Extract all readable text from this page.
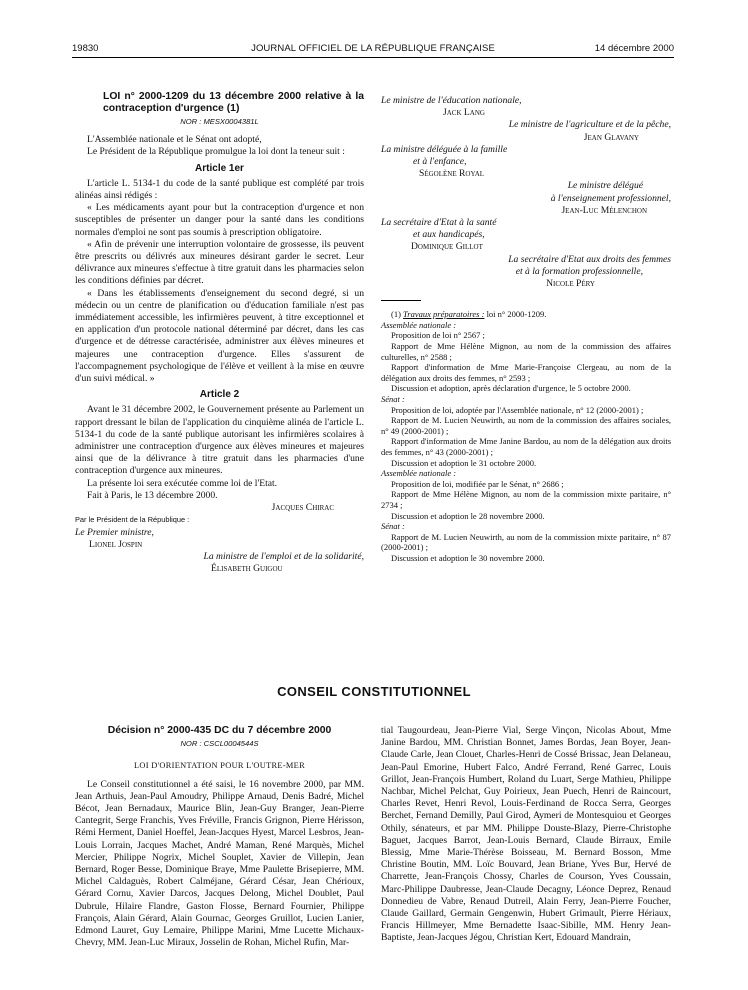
19830	JOURNAL OFFICIEL DE LA RÉPUBLIQUE FRANÇAISE	14 décembre 2000
LOI n° 2000-1209 du 13 décembre 2000 relative à la contraception d'urgence (1)
NOR : MESX0004381L

L'Assemblée nationale et le Sénat ont adopté,

Le Président de la République promulgue la loi dont la teneur suit :

Article 1er

L'article L. 5134-1 du code de la santé publique est complété par trois alinéas ainsi rédigés :

« Les médicaments ayant pour but la contraception d'urgence et non susceptibles de présenter un danger pour la santé dans les conditions normales d'emploi ne sont pas soumis à prescription obligatoire.

« Afin de prévenir une interruption volontaire de grossesse, ils peuvent être prescrits ou délivrés aux mineures désirant garder le secret. Leur délivrance aux mineures s'effectue à titre gratuit dans les pharmacies selon les conditions définies par décret.

« Dans les établissements d'enseignement du second degré, si un médecin ou un centre de planification ou d'éducation familiale n'est pas immédiatement accessible, les infirmières peuvent, à titre exceptionnel et en application d'un protocole national déterminé par décret, dans les cas d'urgence et de détresse caractérisée, administrer aux élèves mineures et majeures une contraception d'urgence. Elles s'assurent de l'accompagnement psychologique de l'élève et veillent à la mise en œuvre d'un suivi médical. »

Article 2

Avant le 31 décembre 2002, le Gouvernement présente au Parlement un rapport dressant le bilan de l'application du cinquième alinéa de l'article L. 5134-1 du code de la santé publique autorisant les infirmières scolaires à administrer une contraception d'urgence aux élèves mineures et majeures ainsi que de la délivrance à titre gratuit dans les pharmacies d'une contraception d'urgence aux mineures.

La présente loi sera exécutée comme loi de l'Etat.

Fait à Paris, le 13 décembre 2000.

Jacques Chirac
Par le Président de la République :
Le Premier ministre,
Lionel Jospin
La ministre de l'emploi et de la solidarité,
Élisabeth Guigou
Le ministre de l'éducation nationale,
Jack Lang
Le ministre de l'agriculture et de la pêche,
Jean Glavany
La ministre déléguée à la famille
et à l'enfance,
Ségolène Royal
Le ministre délégué
à l'enseignement professionnel,
Jean-Luc Mélenchon
La secrétaire d'Etat à la santé
et aux handicapés,
Dominique Gillot
La secrétaire d'Etat aux droits des femmes
et à la formation professionnelle,
Nicole Péry

(1) Travaux préparatoires : loi n° 2000-1209.

Assemblée nationale :

Proposition de loi n° 2567 ;

Rapport de Mme Hélène Mignon, au nom de la commission des affaires culturelles, n° 2588 ;

Rapport d'information de Mme Marie-Françoise Clergeau, au nom de la délégation aux droits des femmes, n° 2593 ;

Discussion et adoption, après déclaration d'urgence, le 5 octobre 2000.

Sénat :

Proposition de loi, adoptée par l'Assemblée nationale, n° 12 (2000-2001) ;

Rapport de M. Lucien Neuwirth, au nom de la commission des affaires sociales, n° 49 (2000-2001) ;

Rapport d'information de Mme Janine Bardou, au nom de la délégation aux droits des femmes, n° 43 (2000-2001) ;

Discussion et adoption le 31 octobre 2000.

Assemblée nationale :

Proposition de loi, modifiée par le Sénat, n° 2686 ;

Rapport de Mme Hélène Mignon, au nom de la commission mixte paritaire, n° 2734 ;

Discussion et adoption le 28 novembre 2000.

Sénat :

Rapport de M. Lucien Neuwirth, au nom de la commission mixte paritaire, n° 87 (2000-2001) ;

Discussion et adoption le 30 novembre 2000.

CONSEIL CONSTITUTIONNEL
Décision n° 2000-435 DC du 7 décembre 2000
NOR : CSCL0004544S
LOI D'ORIENTATION POUR L'OUTRE-MER

Le Conseil constitutionnel a été saisi, le 16 novembre 2000, par MM. Jean Arthuis, Jean-Paul Amoudry, Philippe Arnaud, Denis Badré, Michel Bécot, Jean Bernadaux, Maurice Blin, Jean-Guy Branger, Jean-Pierre Cantegrit, Serge Franchis, Yves Fréville, Francis Grignon, Pierre Hérisson, Rémi Herment, Daniel Hoeffel, Jean-Jacques Hyest, Marcel Lesbros, Jean-Louis Lorrain, Jacques Machet, André Maman, René Marquès, Michel Mercier, Philippe Nogrix, Michel Souplet, Xavier de Villepin, Jean Bernard, Roger Besse, Dominique Braye, Mme Paulette Brisepierre, MM. Michel Caldaguès, Robert Calméjane, Gérard César, Jean Chérioux, Gérard Cornu, Xavier Darcos, Jacques Delong, Michel Doublet, Paul Dubrule, Hilaire Flandre, Gaston Flosse, Bernard Fournier, Philippe François, Alain Gérard, Alain Gournac, Georges Gruillot, Lucien Lanier, Edmond Lauret, Guy Lemaire, Philippe Marini, Mme Lucette Michaux-Chevry, MM. Jean-Luc Miraux, Josselin de Rohan, Michel Rufin, Mar-

tial Taugourdeau, Jean-Pierre Vial, Serge Vinçon, Nicolas About, Mme Janine Bardou, MM. Christian Bonnet, James Bordas, Jean Boyer, Jean-Claude Carle, Jean Clouet, Charles-Henri de Cossé Brissac, Jean Delaneau, Jean-Paul Emorine, Hubert Falco, André Ferrand, René Garrec, Louis Grillot, Jean-François Humbert, Roland du Luart, Serge Mathieu, Philippe Nachbar, Michel Pelchat, Guy Poirieux, Jean Puech, Henri de Raincourt, Charles Revet, Henri Revol, Louis-Ferdinand de Rocca Serra, Georges Berchet, Fernand Demilly, Paul Girod, Aymeri de Montesquiou et Georges Othily, sénateurs, et par MM. Philippe Douste-Blazy, Pierre-Christophe Baguet, Jacques Barrot, Jean-Louis Bernard, Claude Birraux, Emile Blessig, Mme Marie-Thérèse Boisseau, M. Bernard Bosson, Mme Christine Boutin, MM. Loïc Bouvard, Jean Briane, Yves Bur, Hervé de Charrette, Jean-François Chossy, Charles de Courson, Yves Coussain, Marc-Philippe Daubresse, Jean-Claude Decagny, Léonce Deprez, Renaud Donnedieu de Vabre, Renaud Dutreil, Alain Ferry, Jean-Pierre Foucher, Claude Gaillard, Germain Gengenwin, Hubert Grimault, Pierre Hériaux, Francis Hillmeyer, Mme Bernadette Isaac-Sibille, MM. Henry Jean-Baptiste, Jean-Jacques Jégou, Christian Kert, Edouard Mandrain,
